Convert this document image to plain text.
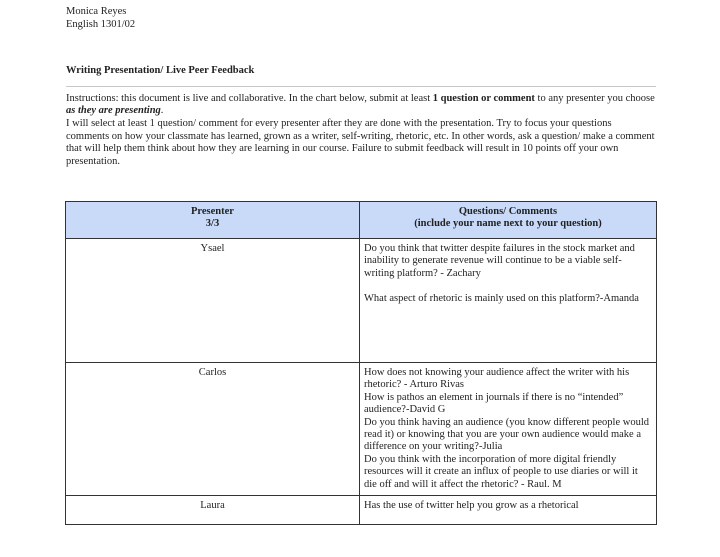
Monica Reyes
English 1301/02
Writing Presentation/ Live Peer Feedback

Instructions: this document is live and collaborative. In the chart below, submit at least 1 question or comment to any presenter you choose as they are presenting.

I will select at least 1 question/ comment for every presenter after they are done with the presentation. Try to focus your questions comments on how your classmate has learned, grown as a writer, self-writing, rhetoric, etc. In other words, ask a question/ make a comment that will help them think about how they are learning in our course. Failure to submit feedback will result in 10 points off your own presentation.

Presenter
3/3	Questions/ Comments
(include your name next to your question)

Ysael	Do you think that twitter despite failures in the stock market and inability to generate revenue will continue to be a viable self-writing platform? - Zachary
What aspect of rhetoric is mainly used on this platform?-Amanda

Carlos	How does not knowing your audience affect the writer with his rhetoric? - Arturo Rivas
How is pathos an element in journals if there is no “intended” audience?-David G
Do you think having an audience (you know different people would read it) or knowing that you are your own audience would make a difference on your writing?-Julia
Do you think with the incorporation of more digital friendly resources will it create an influx of people to use diaries or will it die off and will it affect the rhetoric? - Raul. M

Laura	Has the use of twitter help you grow as a rhetorical
